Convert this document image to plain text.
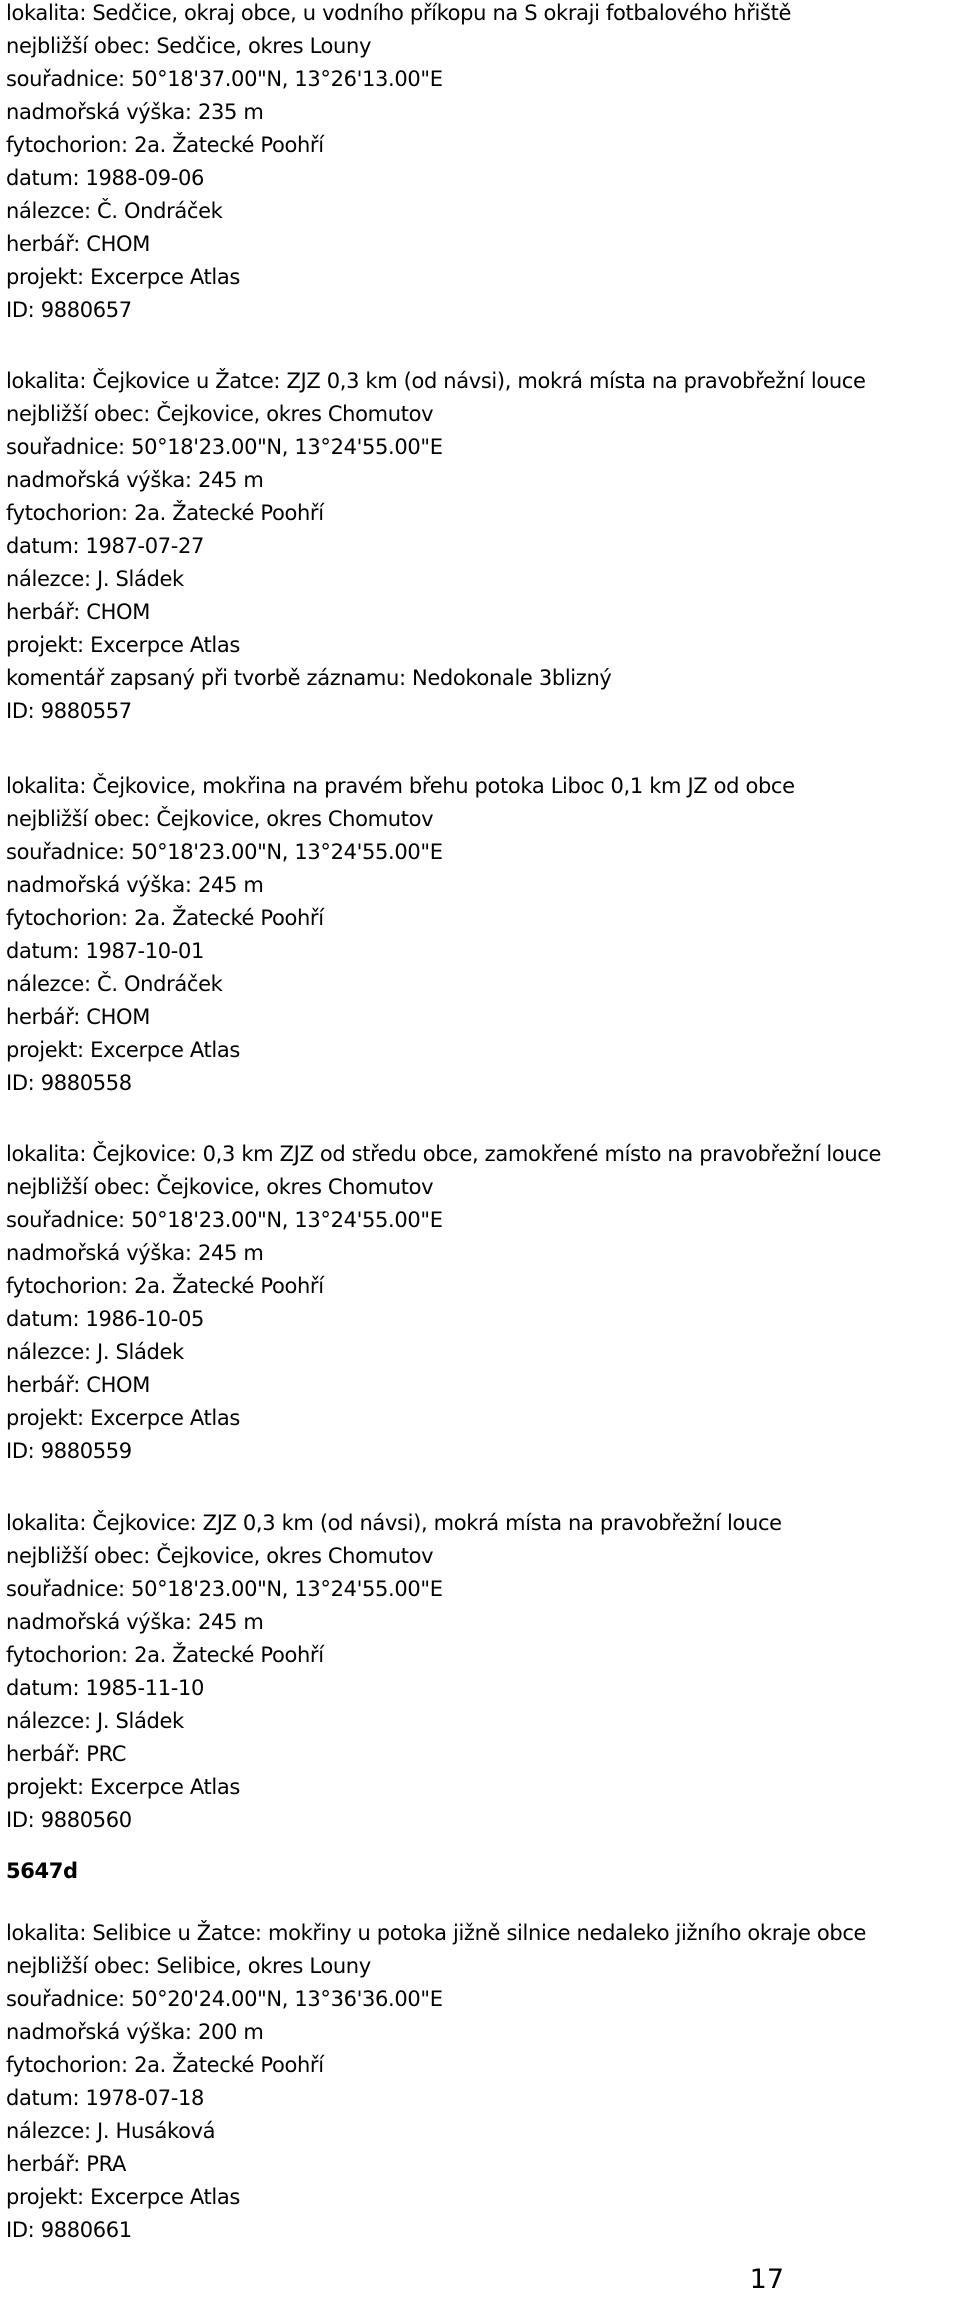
lokalita: Sedčice, okraj obce, u vodního příkopu na S okraji fotbalového hřiště
nejbližší obec: Sedčice, okres Louny
souřadnice: 50°18'37.00"N, 13°26'13.00"E
nadmořská výška: 235 m
fytochorion: 2a. Žatecké Poohří
datum: 1988-09-06
nálezce: Č. Ondráček
herbář: CHOM
projekt: Excerpce Atlas
ID: 9880657
lokalita: Čejkovice u Žatce: ZJZ 0,3 km (od návsi), mokrá místa na pravobřežní louce
nejbližší obec: Čejkovice, okres Chomutov
souřadnice: 50°18'23.00"N, 13°24'55.00"E
nadmořská výška: 245 m
fytochorion: 2a. Žatecké Poohří
datum: 1987-07-27
nálezce: J. Sládek
herbář: CHOM
projekt: Excerpce Atlas
komentář zapsaný při tvorbě záznamu: Nedokonale 3blizný
ID: 9880557
lokalita: Čejkovice, mokřina na pravém břehu potoka Liboc 0,1 km JZ od obce
nejbližší obec: Čejkovice, okres Chomutov
souřadnice: 50°18'23.00"N, 13°24'55.00"E
nadmořská výška: 245 m
fytochorion: 2a. Žatecké Poohří
datum: 1987-10-01
nálezce: Č. Ondráček
herbář: CHOM
projekt: Excerpce Atlas
ID: 9880558
lokalita: Čejkovice: 0,3 km ZJZ od středu obce, zamokřené místo na pravobřežní louce
nejbližší obec: Čejkovice, okres Chomutov
souřadnice: 50°18'23.00"N, 13°24'55.00"E
nadmořská výška: 245 m
fytochorion: 2a. Žatecké Poohří
datum: 1986-10-05
nálezce: J. Sládek
herbář: CHOM
projekt: Excerpce Atlas
ID: 9880559
lokalita: Čejkovice: ZJZ 0,3 km (od návsi), mokrá místa na pravobřežní louce
nejbližší obec: Čejkovice, okres Chomutov
souřadnice: 50°18'23.00"N, 13°24'55.00"E
nadmořská výška: 245 m
fytochorion: 2a. Žatecké Poohří
datum: 1985-11-10
nálezce: J. Sládek
herbář: PRC
projekt: Excerpce Atlas
ID: 9880560
5647d
lokalita: Selibice u Žatce: mokřiny u potoka jižně silnice nedaleko jižního okraje obce
nejbližší obec: Selibice, okres Louny
souřadnice: 50°20'24.00"N, 13°36'36.00"E
nadmořská výška: 200 m
fytochorion: 2a. Žatecké Poohří
datum: 1978-07-18
nálezce: J. Husáková
herbář: PRA
projekt: Excerpce Atlas
ID: 9880661
17
